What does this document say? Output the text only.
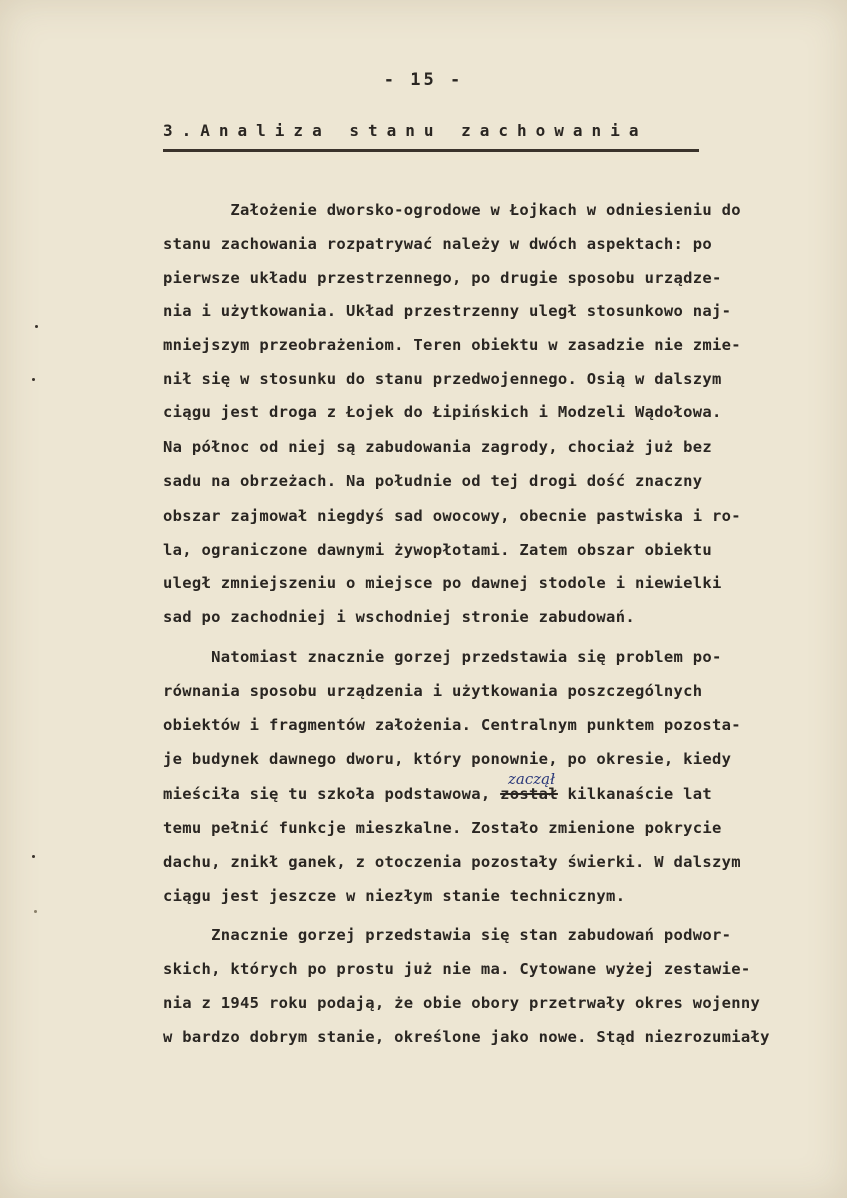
- 15 -
3.Analiza stanu zachowania
Założenie dworsko-ogrodowe w Łojkach w odniesieniu do
stanu zachowania rozpatrywać należy w dwóch aspektach: po
pierwsze układu przestrzennego, po drugie sposobu urządze-
nia i użytkowania. Układ przestrzenny uległ stosunkowo naj-
mniejszym przeobrażeniom. Teren obiektu w zasadzie nie zmie-
nił się w stosunku do stanu przedwojennego. Osią w dalszym
ciągu jest droga z Łojek do Łipińskich i Modzeli Wądołowa.
Na północ od niej są zabudowania zagrody, chociaż już bez
sadu na obrzeżach. Na południe od tej drogi dość znaczny
obszar zajmował niegdyś sad owocowy, obecnie pastwiska i ro-
la, ograniczone dawnymi żywopłotami. Zatem obszar obiektu
uległ zmniejszeniu o miejsce po dawnej stodole i niewielki
sad po zachodniej i wschodniej stronie zabudowań.
Natomiast znacznie gorzej przedstawia się problem po-
równania sposobu urządzenia i użytkowania poszczególnych
obiektów i fragmentów założenia. Centralnym punktem pozosta-
je budynek dawnego dworu, który ponownie, po okresie, kiedy
mieściła się tu szkoła podstawowa, został kilkanaście lat
zaczął
temu pełnić funkcje mieszkalne. Zostało zmienione pokrycie
dachu, znikł ganek, z otoczenia pozostały świerki. W dalszym
ciągu jest jeszcze w niezłym stanie technicznym.
Znacznie gorzej przedstawia się stan zabudowań podwor-
skich, których po prostu już nie ma. Cytowane wyżej zestawie-
nia z 1945 roku podają, że obie obory przetrwały okres wojenny
w bardzo dobrym stanie, określone jako nowe. Stąd niezrozumiały
